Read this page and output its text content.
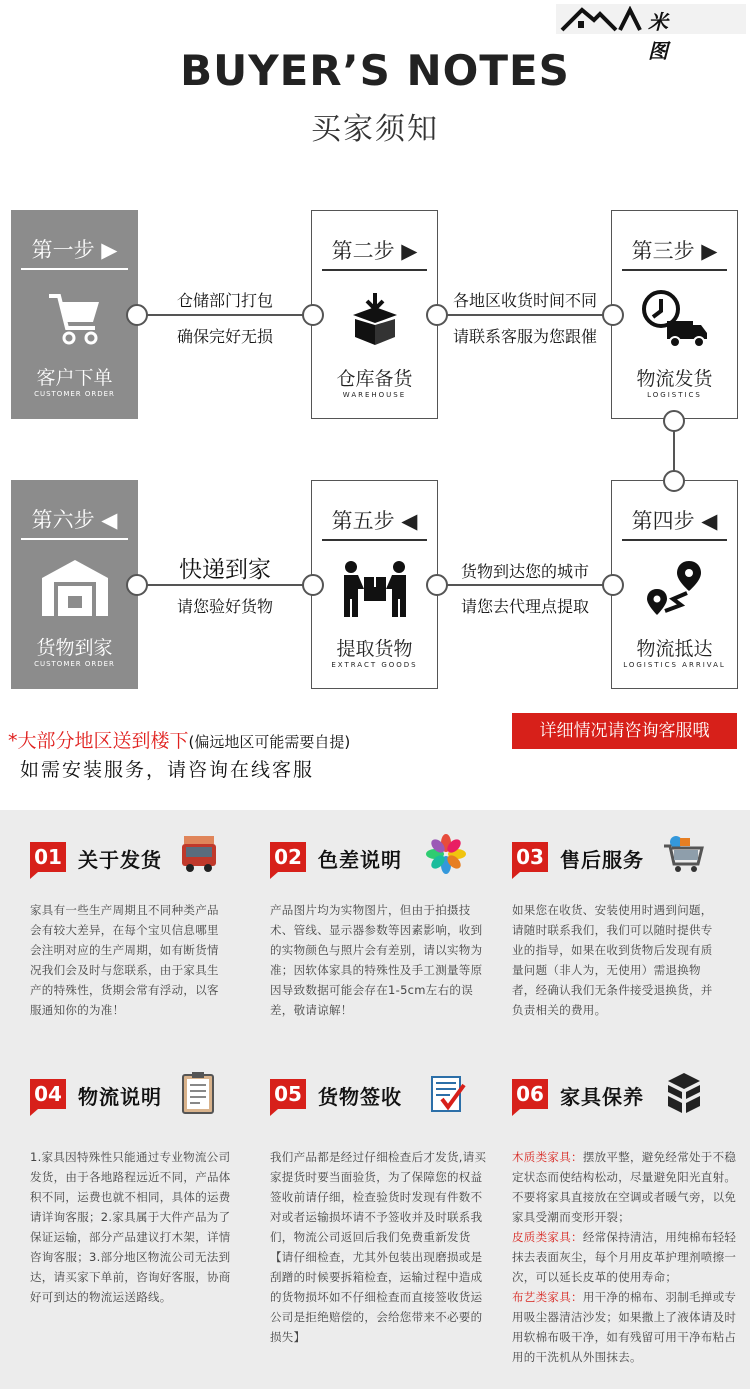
米 图
BUYER’S NOTES
买家须知
第一步 ▶
客户下单
CUSTOMER ORDER
第二步 ▶
仓库备货
WAREHOUSE
第三步 ▶
物流发货
LOGISTICS
第四步 ◀
物流抵达
LOGISTICS ARRIVAL
第五步 ◀
提取货物
EXTRACT GOODS
第六步 ◀
货物到家
CUSTOMER ORDER
仓储部门打包
确保完好无损
各地区收货时间不同
请联系客服为您跟催
快递到家
请您验好货物
货物到达您的城市
请您去代理点提取
*大部分地区送到楼下(偏远地区可能需要自提)
如需安装服务，请咨询在线客服
详细情况请咨询客服哦
01 关于发货
家具有一些生产周期且不同种类产品会有较大差异，在每个宝贝信息哪里会注明对应的生产周期，如有断货情况我们会及时与您联系，由于家具生产的特殊性，货期会常有浮动，以客服通知你的为准！
02 色差说明
产品图片均为实物图片，但由于拍摄技术、管线、显示器参数等因素影响，收到的实物颜色与照片会有差别，请以实物为准；因软体家具的特殊性及手工测量等原因导致数据可能会存在1-5cm左右的误差，敬请谅解！
03 售后服务
如果您在收货、安装使用时遇到问题，请随时联系我们，我们可以随时提供专业的指导，如果在收到货物后发现有质量问题（非人为，无使用）需退换物者，经确认我们无条件接受退换货，并负责相关的费用。
04 物流说明
1.家具因特殊性只能通过专业物流公司发货，由于各地路程远近不同，产品体积不同，运费也就不相同，具体的运费请详询客服；2.家具属于大件产品为了保证运输，部分产品建议打木架，详情咨询客服；3.部分地区物流公司无法到达，请买家下单前，咨询好客服，协商好可到达的物流运送路线。
05 货物签收
我们产品都是经过仔细检查后才发货,请买家提货时要当面验货，为了保障您的权益签收前请仔细，检查验货时发现有件数不对或者运输损坏请不予签收并及时联系我们，物流公司返回后我们免费重新发货【请仔细检查，尤其外包装出现磨损或是刮蹭的时候要拆箱检查，运输过程中造成的货物损坏如不仔细检查而直接签收货运公司是拒绝赔偿的，会给您带来不必要的损失】
06 家具保养
木质类家具：摆放平整，避免经常处于不稳定状态而使结构松动，尽量避免阳光直射。不要将家具直接放在空调或者暖气旁，以免家具受潮而变形开裂；
皮质类家具：经常保持清洁，用纯棉布轻轻抹去表面灰尘，每个月用皮革护理剂喷擦一次，可以延长皮革的使用寿命；
布艺类家具：用干净的棉布、羽制毛掸或专用吸尘器清洁沙发；如果撒上了液体请及时用软棉布吸干净，如有残留可用干净布粘占用的干洗机从外围抹去。
